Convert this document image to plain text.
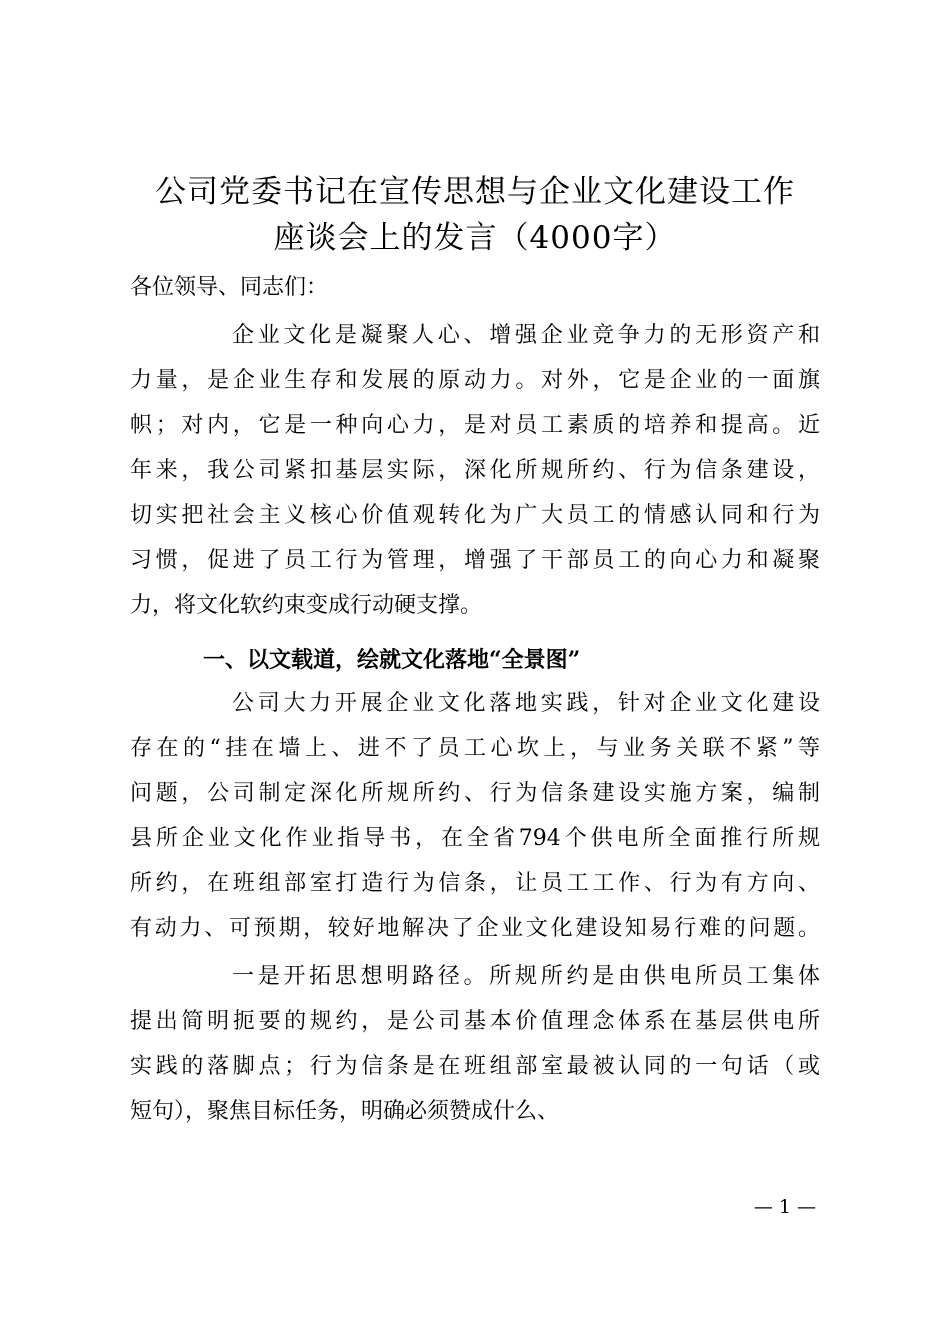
公司党委书记在宣传思想与企业文化建设工作
座谈会上的发言（4000字）
各位领导、同志们：
企业文化是凝聚人心、增强企业竞争力的无形资产和
力量，是企业生存和发展的原动力。对外，它是企业的一面旗
帜；对内，它是一种向心力，是对员工素质的培养和提高。近
年来，我公司紧扣基层实际，深化所规所约、行为信条建设，
切实把社会主义核心价值观转化为广大员工的情感认同和行为
习惯，促进了员工行为管理，增强了干部员工的向心力和凝聚
力，将文化软约束变成行动硬支撑。
一、以文载道，绘就文化落地“全景图”
公司大力开展企业文化落地实践，针对企业文化建设
存在的“挂在墙上、进不了员工心坎上，与业务关联不紧”等
问题，公司制定深化所规所约、行为信条建设实施方案，编制
县所企业文化作业指导书，在全省794个供电所全面推行所规
所约，在班组部室打造行为信条，让员工工作、行为有方向、
有动力、可预期，较好地解决了企业文化建设知易行难的问题。
一是开拓思想明路径。所规所约是由供电所员工集体
提出简明扼要的规约，是公司基本价值理念体系在基层供电所
实践的落脚点；行为信条是在班组部室最被认同的一句话（或
短句），聚焦目标任务，明确必须赞成什么、
— 1 —
